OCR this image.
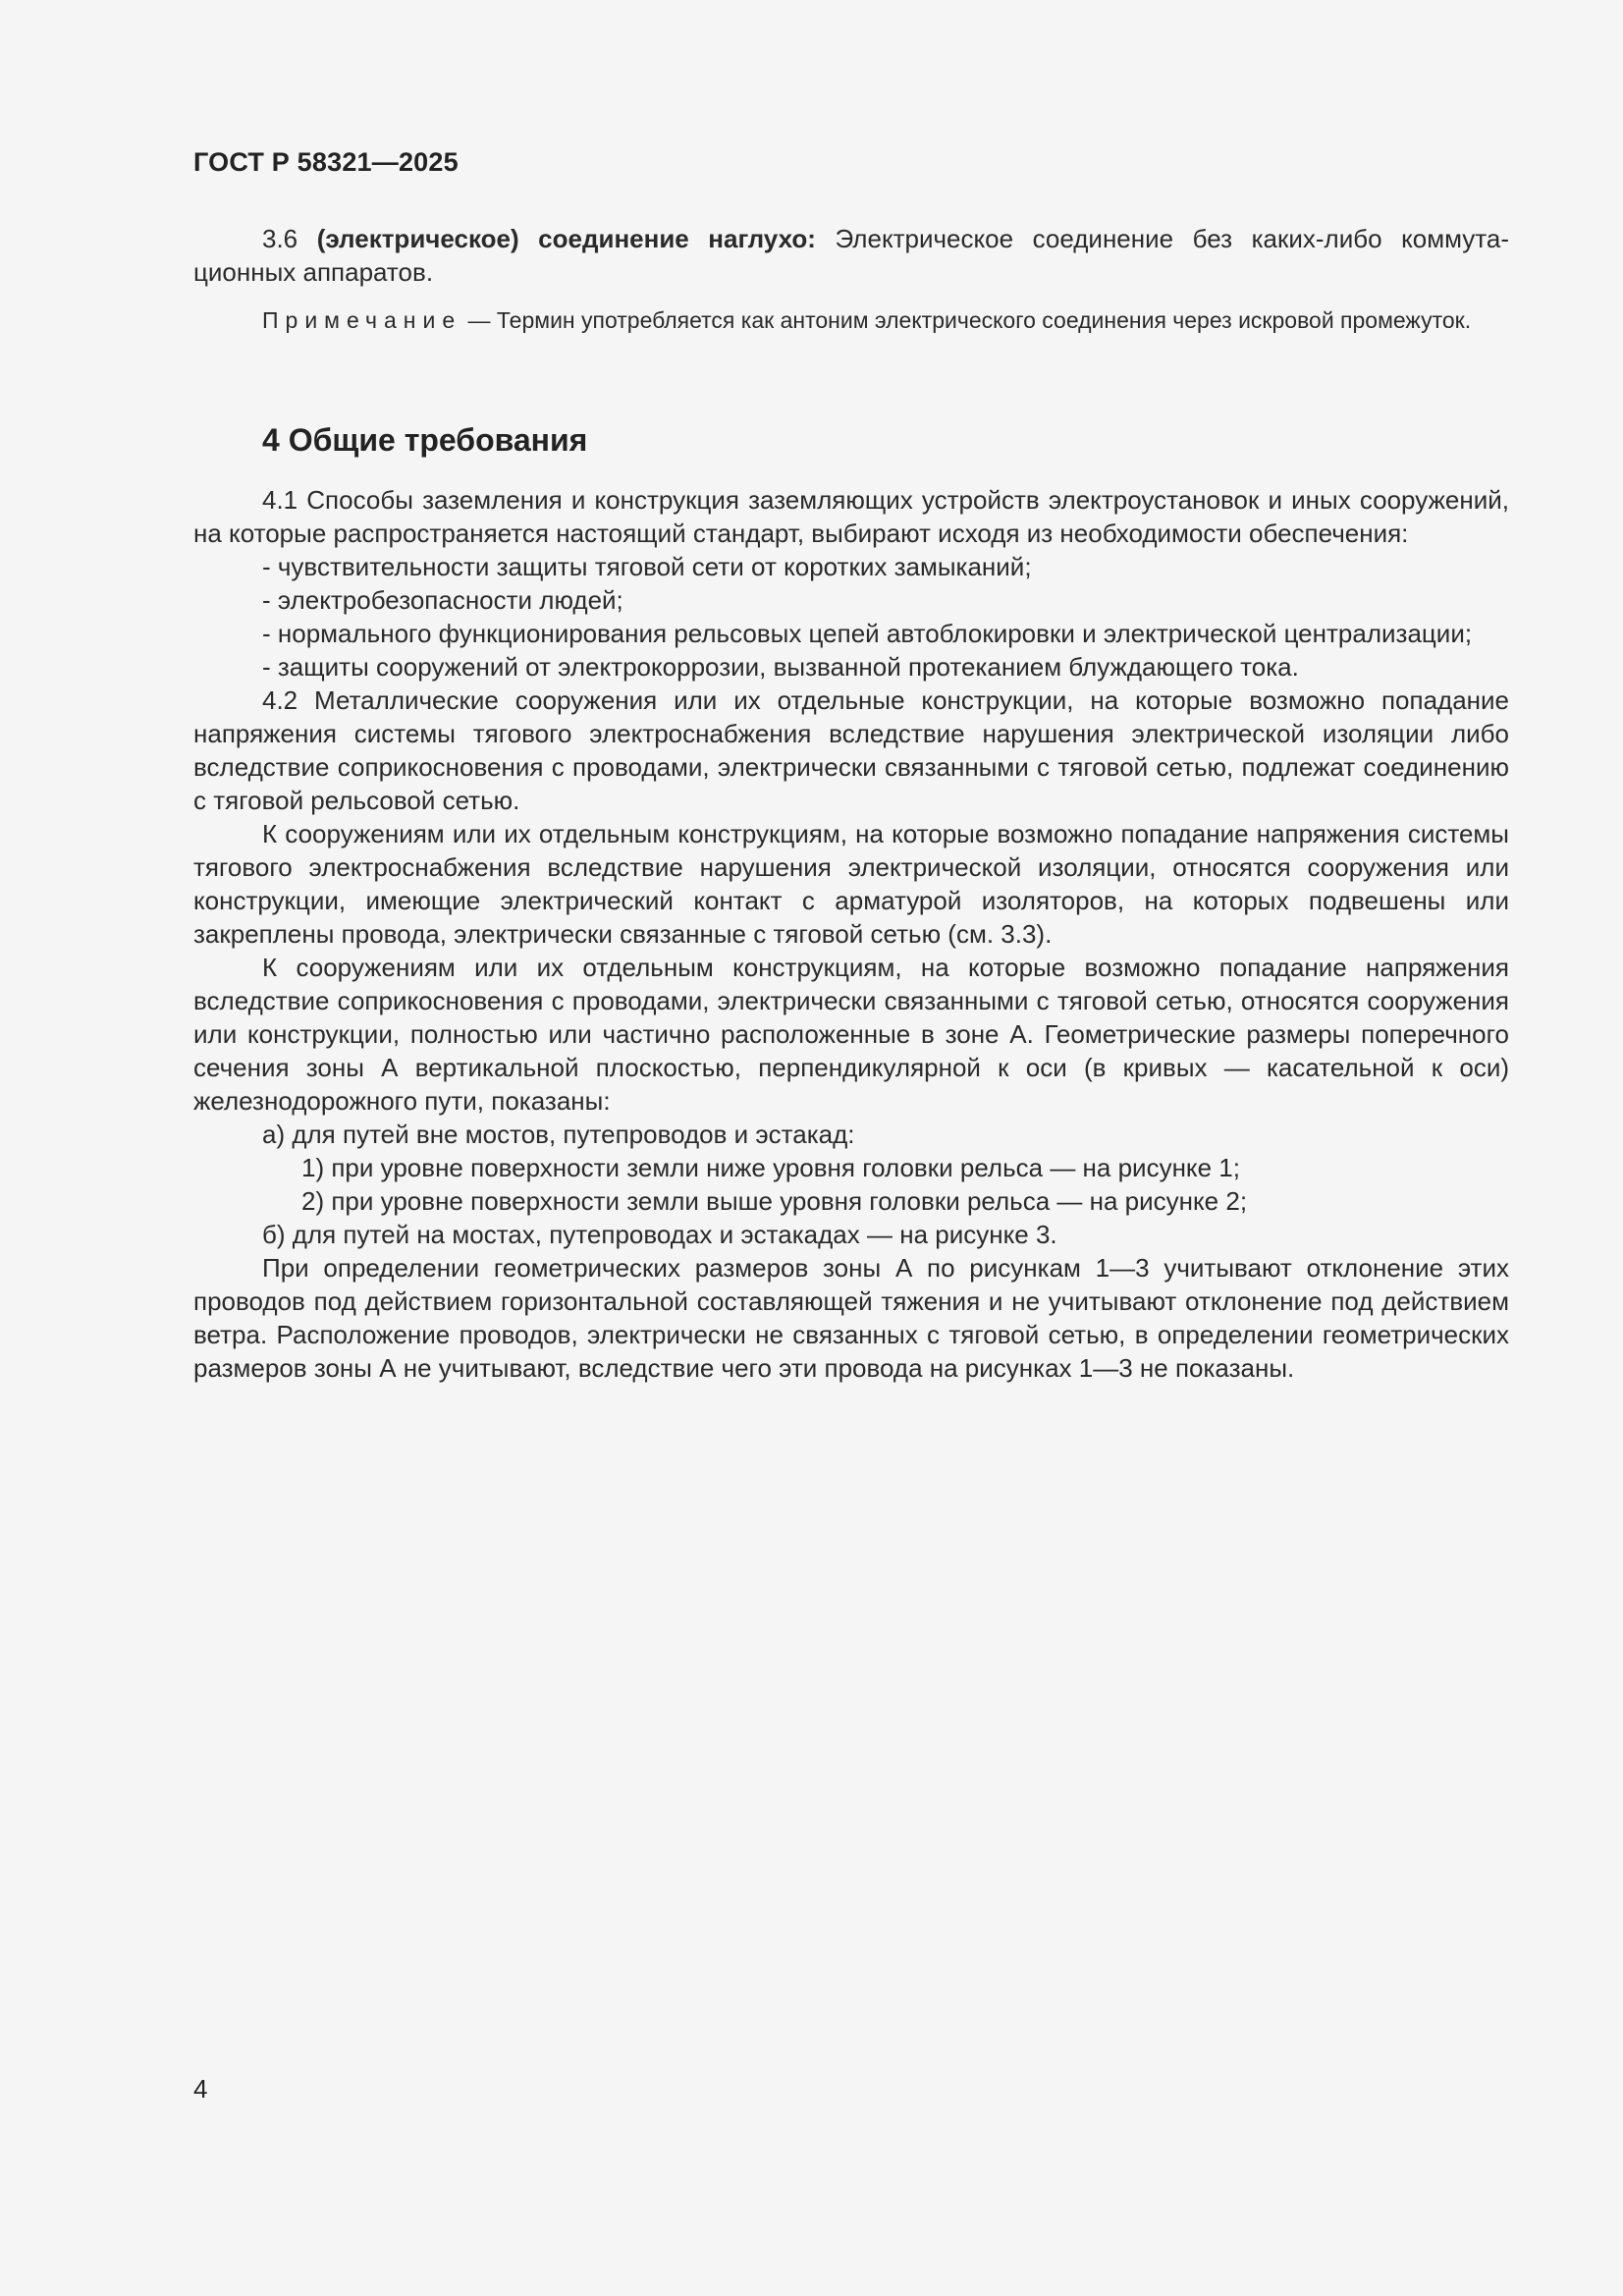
ГОСТ Р 58321—2025
3.6 (электрическое) соединение наглухо: Электрическое соединение без каких-либо коммута-ционных аппаратов.
Примечание — Термин употребляется как антоним электрического соединения через искровой промежуток.
4 Общие требования

4.1 Способы заземления и конструкция заземляющих устройств электроустановок и иных сооружений, на которые распространяется настоящий стандарт, выбирают исходя из необходимости обеспечения:

- чувствительности защиты тяговой сети от коротких замыканий;

- электробезопасности людей;

- нормального функционирования рельсовых цепей автоблокировки и электрической централизации;

- защиты сооружений от электрокоррозии, вызванной протеканием блуждающего тока.

4.2 Металлические сооружения или их отдельные конструкции, на которые возможно попадание напряжения системы тягового электроснабжения вследствие нарушения электрической изоляции либо вследствие соприкосновения с проводами, электрически связанными с тяговой сетью, подлежат соединению с тяговой рельсовой сетью.

К сооружениям или их отдельным конструкциям, на которые возможно попадание напряжения системы тягового электроснабжения вследствие нарушения электрической изоляции, относятся сооружения или конструкции, имеющие электрический контакт с арматурой изоляторов, на которых подвешены или закреплены провода, электрически связанные с тяговой сетью (см. 3.3).

К сооружениям или их отдельным конструкциям, на которые возможно попадание напряжения вследствие соприкосновения с проводами, электрически связанными с тяговой сетью, относятся сооружения или конструкции, полностью или частично расположенные в зоне А. Геометрические размеры поперечного сечения зоны А вертикальной плоскостью, перпендикулярной к оси (в кривых — касательной к оси) железнодорожного пути, показаны:

а) для путей вне мостов, путепроводов и эстакад:

1) при уровне поверхности земли ниже уровня головки рельса — на рисунке 1;

2) при уровне поверхности земли выше уровня головки рельса — на рисунке 2;

б) для путей на мостах, путепроводах и эстакадах — на рисунке 3.

При определении геометрических размеров зоны А по рисункам 1—3 учитывают отклонение этих проводов под действием горизонтальной составляющей тяжения и не учитывают отклонение под действием ветра. Расположение проводов, электрически не связанных с тяговой сетью, в определении геометрических размеров зоны А не учитывают, вследствие чего эти провода на рисунках 1—3 не показаны.

4
